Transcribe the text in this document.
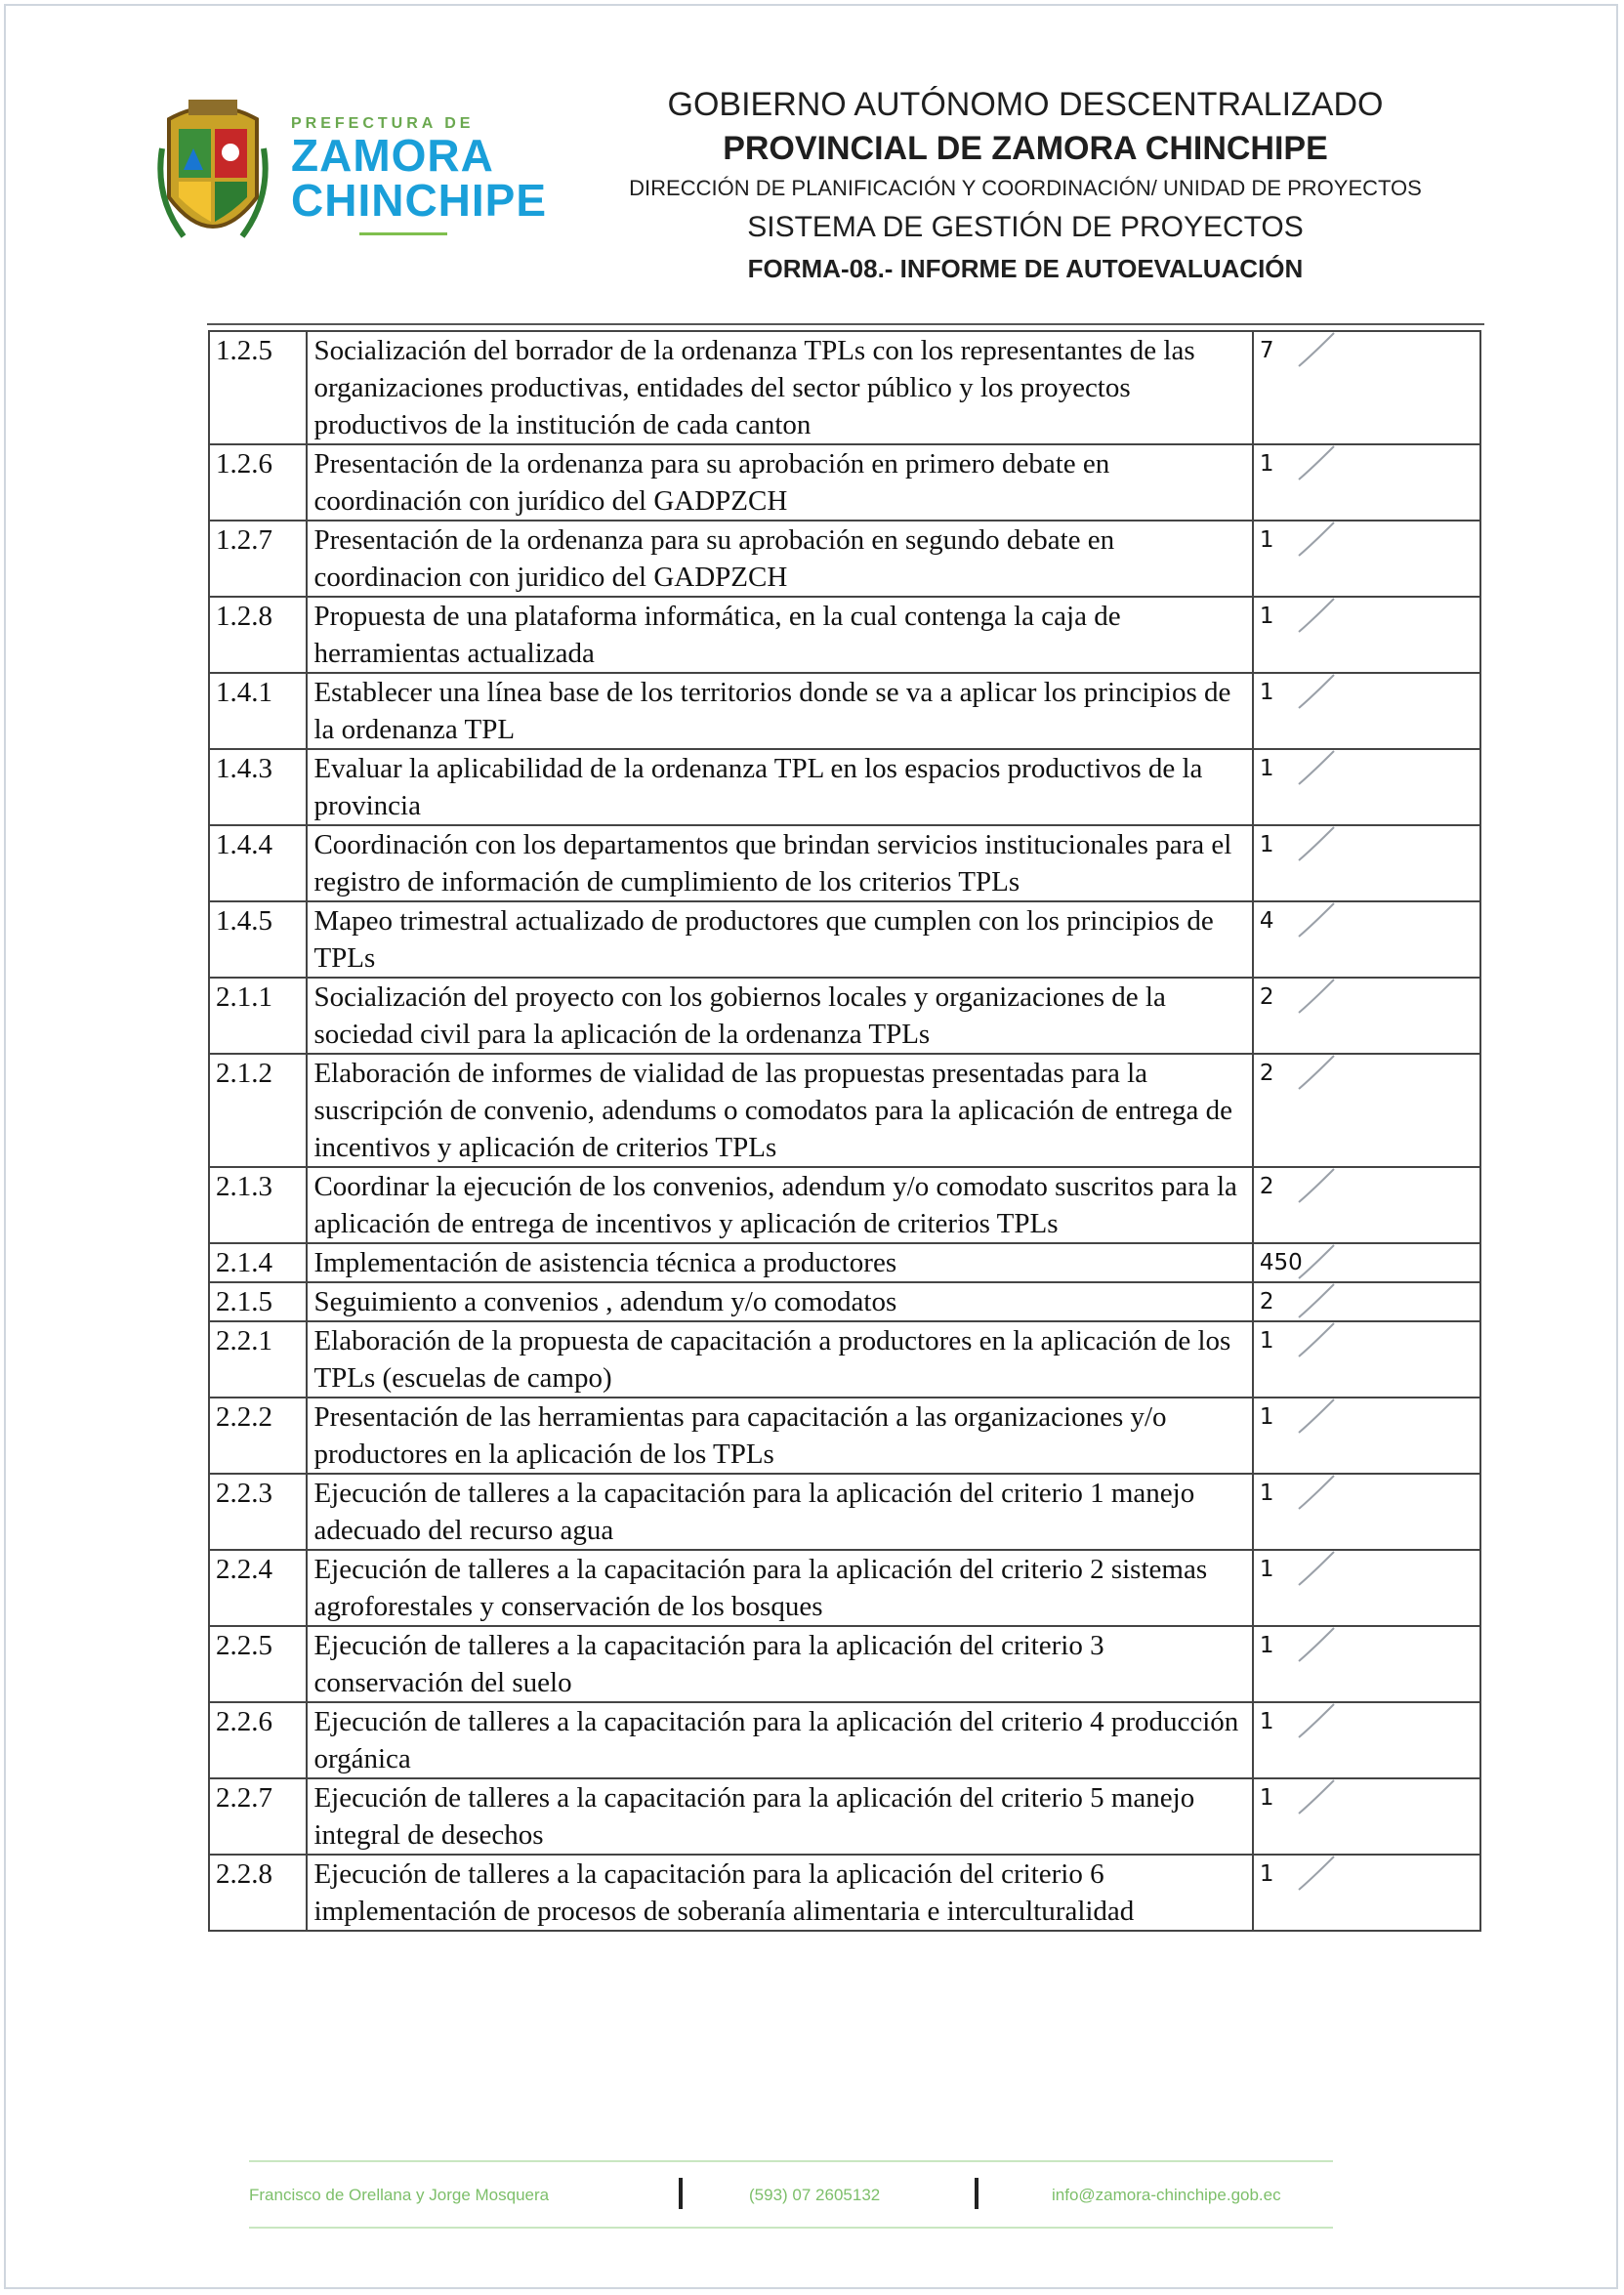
PREFECTURA DE
ZAMORA
CHINCHIPE
GOBIERNO AUTÓNOMO DESCENTRALIZADO
PROVINCIAL DE ZAMORA CHINCHIPE
DIRECCIÓN DE PLANIFICACIÓN Y COORDINACIÓN/ UNIDAD DE PROYECTOS
SISTEMA DE GESTIÓN DE PROYECTOS
FORMA-08.- INFORME DE AUTOEVALUACIÓN
1.2.5	Socialización del borrador de la ordenanza TPLs con los representantes de las organizaciones productivas, entidades del sector público y los proyectos productivos de la institución de cada canton	7

1.2.6	Presentación de la ordenanza para su aprobación en primero debate en coordinación con jurídico del GADPZCH	1

1.2.7	Presentación de la ordenanza para su aprobación en segundo debate en coordinacion con juridico del GADPZCH	1

1.2.8	Propuesta de una plataforma informática, en la cual contenga la caja de herramientas actualizada	1

1.4.1	Establecer una línea base de los territorios donde se va a aplicar los principios de la ordenanza TPL	1

1.4.3	Evaluar la aplicabilidad de la ordenanza TPL en los espacios productivos de la provincia	1

1.4.4	Coordinación con los departamentos que brindan servicios institucionales para el registro de información de cumplimiento de los criterios TPLs	1

1.4.5	Mapeo trimestral actualizado de productores que cumplen con los principios de TPLs	4

2.1.1	Socialización del proyecto con los gobiernos locales y organizaciones de la sociedad civil para la aplicación de la ordenanza TPLs	2

2.1.2	Elaboración de informes de vialidad de las propuestas presentadas para la suscripción de convenio, adendums o comodatos para la aplicación de entrega de incentivos y aplicación de criterios TPLs	2

2.1.3	Coordinar la ejecución de los convenios, adendum y/o comodato suscritos para la aplicación de entrega de incentivos y aplicación de criterios TPLs	2

2.1.4	Implementación de asistencia técnica a productores	450

2.1.5	Seguimiento a convenios , adendum y/o comodatos	2

2.2.1	Elaboración de la propuesta de capacitación a productores en la aplicación de los TPLs (escuelas de campo)	1

2.2.2	Presentación de las herramientas para capacitación a las organizaciones y/o productores en la aplicación de los TPLs	1

2.2.3	Ejecución de talleres a la capacitación para la aplicación del criterio 1 manejo adecuado del recurso agua	1

2.2.4	Ejecución de talleres a la capacitación para la aplicación del criterio 2 sistemas agroforestales y conservación de los bosques	1

2.2.5	Ejecución de talleres a la capacitación para la aplicación del criterio 3 conservación del suelo	1

2.2.6	Ejecución de talleres a la capacitación para la aplicación del criterio 4 producción orgánica	1

2.2.7	Ejecución de talleres a la capacitación para la aplicación del criterio 5 manejo integral de desechos	1

2.2.8	Ejecución de talleres a la capacitación para la aplicación del criterio 6 implementación de procesos de soberanía alimentaria e interculturalidad	1
Francisco de Orellana y Jorge Mosquera	(593) 07 2605132	info@zamora-chinchipe.gob.ec
